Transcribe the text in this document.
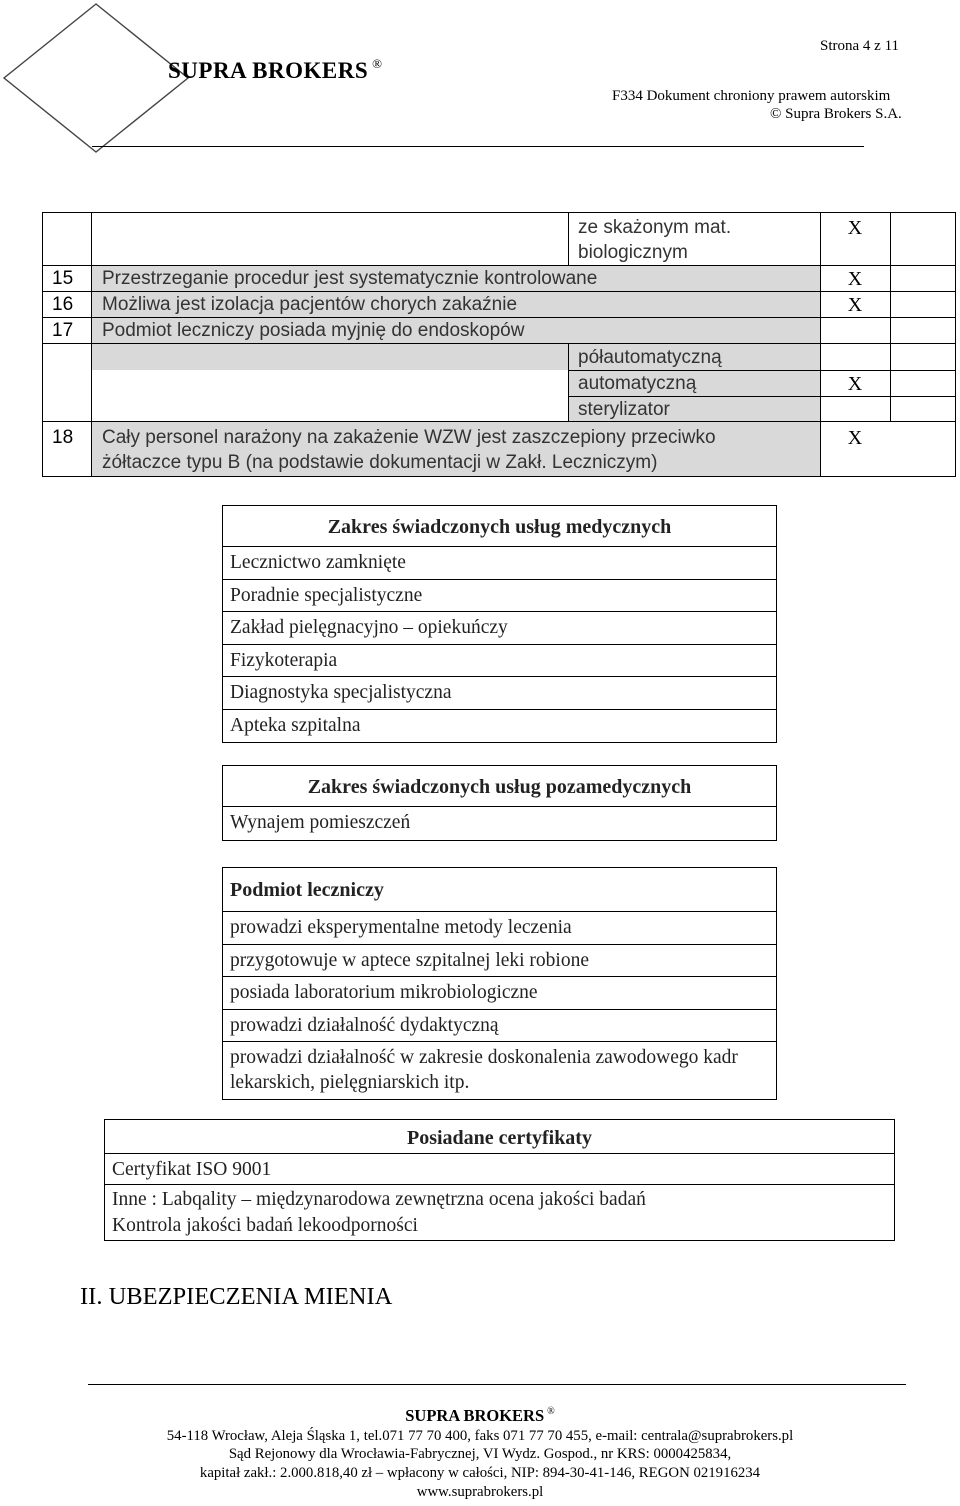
SUPRA BROKERS ®
Strona 4 z 11
F334 Dokument chroniony prawem autorskim
© Supra Brokers S.A.
ze skażonym mat.
biologicznym
X
15 Przestrzeganie procedur jest systematycznie kontrolowane	X
16 Możliwa jest izolacja pacjentów chorych zakaźnie	X
17 Podmiot leczniczy posiada myjnię do endoskopów
półautomatyczną
automatyczną	X
sterylizator
18 Cały personel narażony na zakażenie WZW jest zaszczepiony przeciwko
żółtaczce typu B (na podstawie dokumentacji w Zakł. Leczniczym)
X
Zakres świadczonych usług medycznych
Lecznictwo zamknięte
Poradnie specjalistyczne
Zakład pielęgnacyjno – opiekuńczy
Fizykoterapia
Diagnostyka specjalistyczna
Apteka szpitalna
Zakres świadczonych usług pozamedycznych
Wynajem pomieszczeń
Podmiot leczniczy
prowadzi eksperymentalne metody leczenia
przygotowuje w aptece szpitalnej leki robione
posiada laboratorium mikrobiologiczne
prowadzi działalność dydaktyczną
prowadzi działalność w zakresie doskonalenia zawodowego kadr lekarskich, pielęgniarskich itp.
Posiadane certyfikaty
Certyfikat ISO 9001
Inne : Labqality – międzynarodowa zewnętrzna ocena jakości badań
Kontrola jakości badań lekoodporności
II. UBEZPIECZENIA MIENIA
SUPRA BROKERS ®
54-118 Wrocław, Aleja Śląska 1, tel.071 77 70 400, faks 071 77 70 455, e-mail: centrala@suprabrokers.pl
Sąd Rejonowy dla Wrocławia-Fabrycznej, VI Wydz. Gospod., nr KRS: 0000425834,
kapitał zakł.: 2.000.818,40 zł – wpłacony w całości, NIP: 894-30-41-146, REGON 021916234
www.suprabrokers.pl
